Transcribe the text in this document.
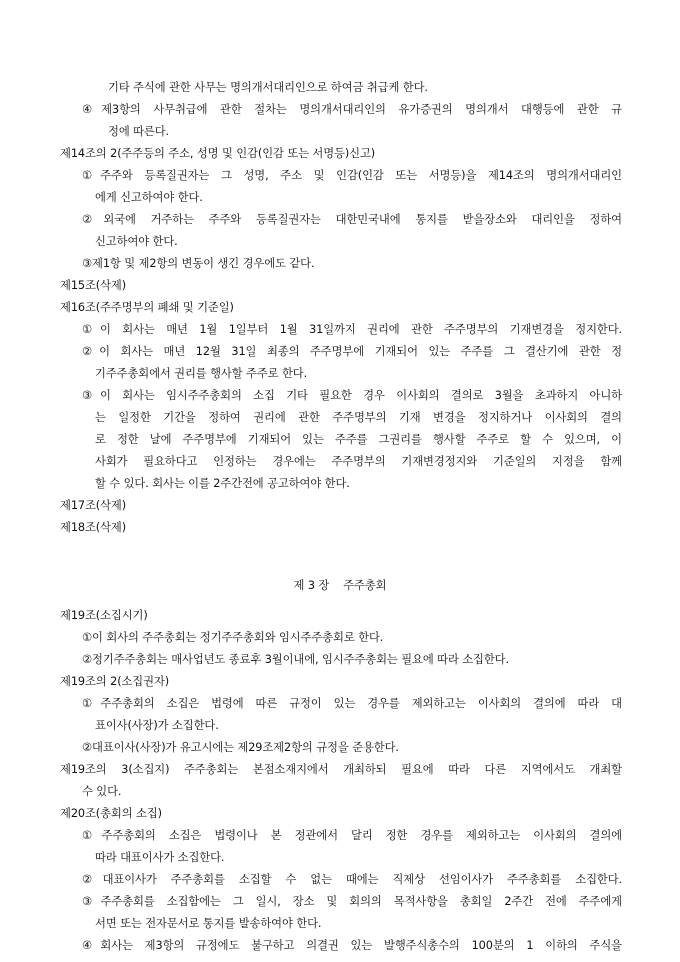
기타 주식에 관한 사무는 명의개서대리인으로 하여금 취급케 한다.
④제3항의 사무취급에 관한 절차는 명의개서대리인의 유가증권의 명의개서 대행등에 관한 규
정에 따른다.
제14조의 2(주주등의 주소, 성명 및 인감(인감 또는 서명등)신고)
①주주와 등록질권자는 그 성명, 주소 및 인감(인감 또는 서명등)을 제14조의 명의개서대리인
에게 신고하여야 한다.
②외국에 거주하는 주주와 등록질권자는 대한민국내에 통지를 받을장소와 대리인을 정하여
신고하여야 한다.
③제1항 및 제2항의 변동이 생긴 경우에도 같다.
제15조(삭제)
제16조(주주명부의 폐쇄 및 기준일)
①이 회사는 매년 1월 1일부터 1월 31일까지 권리에 관한 주주명부의 기재변경을 정지한다.
②이 회사는 매년 12월 31일 최종의 주주명부에 기재되어 있는 주주를 그 결산기에 관한 정
기주주총회에서 권리를 행사할 주주로 한다.
③이 회사는 임시주주총회의 소집 기타 필요한 경우 이사회의 결의로 3월을 초과하지 아니하
는 일정한 기간을 정하여 권리에 관한 주주명부의 기재 변경을 정지하거나 이사회의 결의
로 정한 날에 주주명부에 기재되어 있는 주주를 그권리를 행사할 주주로 할 수 있으며, 이
사회가 필요하다고 인정하는 경우에는 주주명부의 기재변경정지와 기준일의 지정을 함께
할 수 있다. 회사는 이를 2주간전에 공고하여야 한다.
제17조(삭제)
제18조(삭제)
제 3 장    주주총회
제19조(소집시기)
①이 회사의 주주총회는 정기주주총회와 임시주주총회로 한다.
②정기주주총회는 매사업년도 종료후 3월이내에, 임시주주총회는 필요에 따라 소집한다.
제19조의 2(소집권자)
①주주총회의 소집은 법령에 따른 규정이 있는 경우를 제외하고는 이사회의 결의에 따라 대
표이사(사장)가 소집한다.
②대표이사(사장)가 유고시에는 제29조제2항의 규정을 준용한다.
제19조의 3(소집지) 주주총회는 본점소재지에서 개최하되 필요에 따라 다른 지역에서도 개최할
수 있다.
제20조(총회의 소집)
①주주총회의 소집은 법령이나 본 정관에서 달리 정한 경우를 제외하고는 이사회의 결의에
따라 대표이사가 소집한다.
②대표이사가 주주총회를 소집할 수 없는 때에는 직제상 선임이사가 주주총회를 소집한다.
③주주총회를 소집함에는 그 일시, 장소 및 회의의 목적사항을 총회일 2주간 전에 주주에게
서면 또는 전자문서로 통지를 발송하여야 한다.
④회사는 제3항의 규정에도 불구하고 의결권 있는 발행주식총수의 100분의 1 이하의 주식을
